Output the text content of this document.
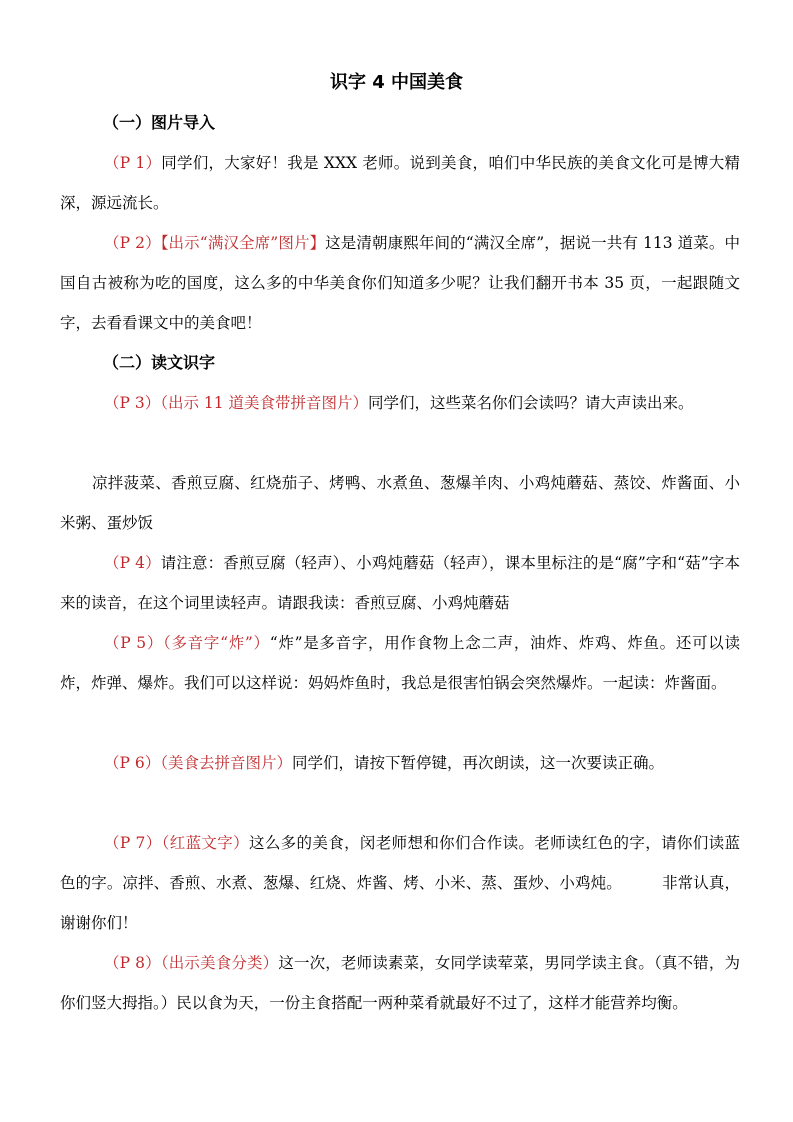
识字 4 中国美食
（一）图片导入

（P 1）同学们，大家好！我是 XXX 老师。说到美食，咱们中华民族的美食文化可是博大精深，源远流长。

（P 2）【出示“满汉全席”图片】这是清朝康熙年间的“满汉全席”，据说一共有 113 道菜。中国自古被称为吃的国度，这么多的中华美食你们知道多少呢？让我们翻开书本 35 页，一起跟随文字，去看看课文中的美食吧！

（二）读文识字

（P 3）（出示 11 道美食带拼音图片）同学们，这些菜名你们会读吗？请大声读出来。

凉拌菠菜、香煎豆腐、红烧茄子、烤鸭、水煮鱼、葱爆羊肉、小鸡炖蘑菇、蒸饺、炸酱面、小米粥、蛋炒饭

（P 4）请注意：香煎豆腐（轻声）、小鸡炖蘑菇（轻声），课本里标注的是“腐”字和“菇”字本来的读音，在这个词里读轻声。请跟我读：香煎豆腐、小鸡炖蘑菇

（P 5）（多音字“炸”）“炸”是多音字，用作食物上念二声，油炸、炸鸡、炸鱼。还可以读炸，炸弹、爆炸。我们可以这样说：妈妈炸鱼时，我总是很害怕锅会突然爆炸。一起读：炸酱面。

（P 6）（美食去拼音图片）同学们，请按下暂停键，再次朗读，这一次要读正确。

（P 7）（红蓝文字）这么多的美食，闵老师想和你们合作读。老师读红色的字，请你们读蓝色的字。凉拌、香煎、水煮、葱爆、红烧、炸酱、烤、小米、蒸、蛋炒、小鸡炖。        非常认真，谢谢你们！

（P 8）（出示美食分类）这一次，老师读素菜，女同学读荤菜，男同学读主食。（真不错，为你们竖大拇指。）民以食为天，一份主食搭配一两种菜肴就最好不过了，这样才能营养均衡。
